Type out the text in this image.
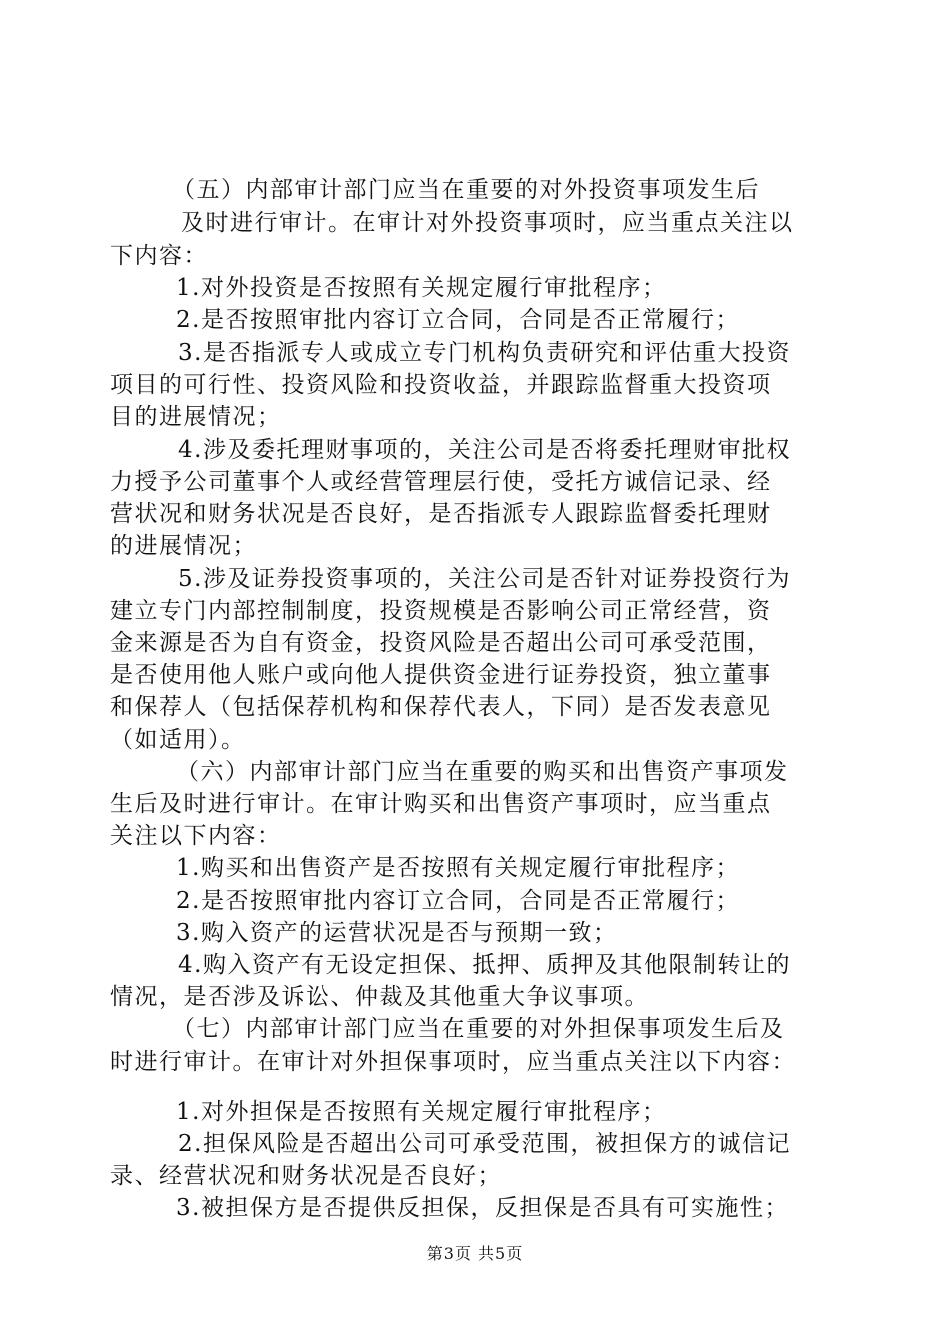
（五）内部审计部门应当在重要的对外投资事项发生后
及时进行审计。在审计对外投资事项时，应当重点关注以
下内容：
1.对外投资是否按照有关规定履行审批程序；
2.是否按照审批内容订立合同，合同是否正常履行；
3.是否指派专人或成立专门机构负责研究和评估重大投资
项目的可行性、投资风险和投资收益，并跟踪监督重大投资项
目的进展情况；
4.涉及委托理财事项的，关注公司是否将委托理财审批权
力授予公司董事个人或经营管理层行使，受托方诚信记录、经
营状况和财务状况是否良好，是否指派专人跟踪监督委托理财
的进展情况；
5.涉及证券投资事项的，关注公司是否针对证券投资行为
建立专门内部控制制度，投资规模是否影响公司正常经营，资
金来源是否为自有资金，投资风险是否超出公司可承受范围，
是否使用他人账户或向他人提供资金进行证券投资，独立董事
和保荐人（包括保荐机构和保荐代表人，下同）是否发表意见
（如适用）。
（六）内部审计部门应当在重要的购买和出售资产事项发
生后及时进行审计。在审计购买和出售资产事项时，应当重点
关注以下内容：
1.购买和出售资产是否按照有关规定履行审批程序；
2.是否按照审批内容订立合同，合同是否正常履行；
3.购入资产的运营状况是否与预期一致；
4.购入资产有无设定担保、抵押、质押及其他限制转让的
情况，是否涉及诉讼、仲裁及其他重大争议事项。
（七）内部审计部门应当在重要的对外担保事项发生后及
时进行审计。在审计对外担保事项时，应当重点关注以下内容：
1.对外担保是否按照有关规定履行审批程序；
2.担保风险是否超出公司可承受范围，被担保方的诚信记
录、经营状况和财务状况是否良好；
3.被担保方是否提供反担保，反担保是否具有可实施性；
第3页 共5页
